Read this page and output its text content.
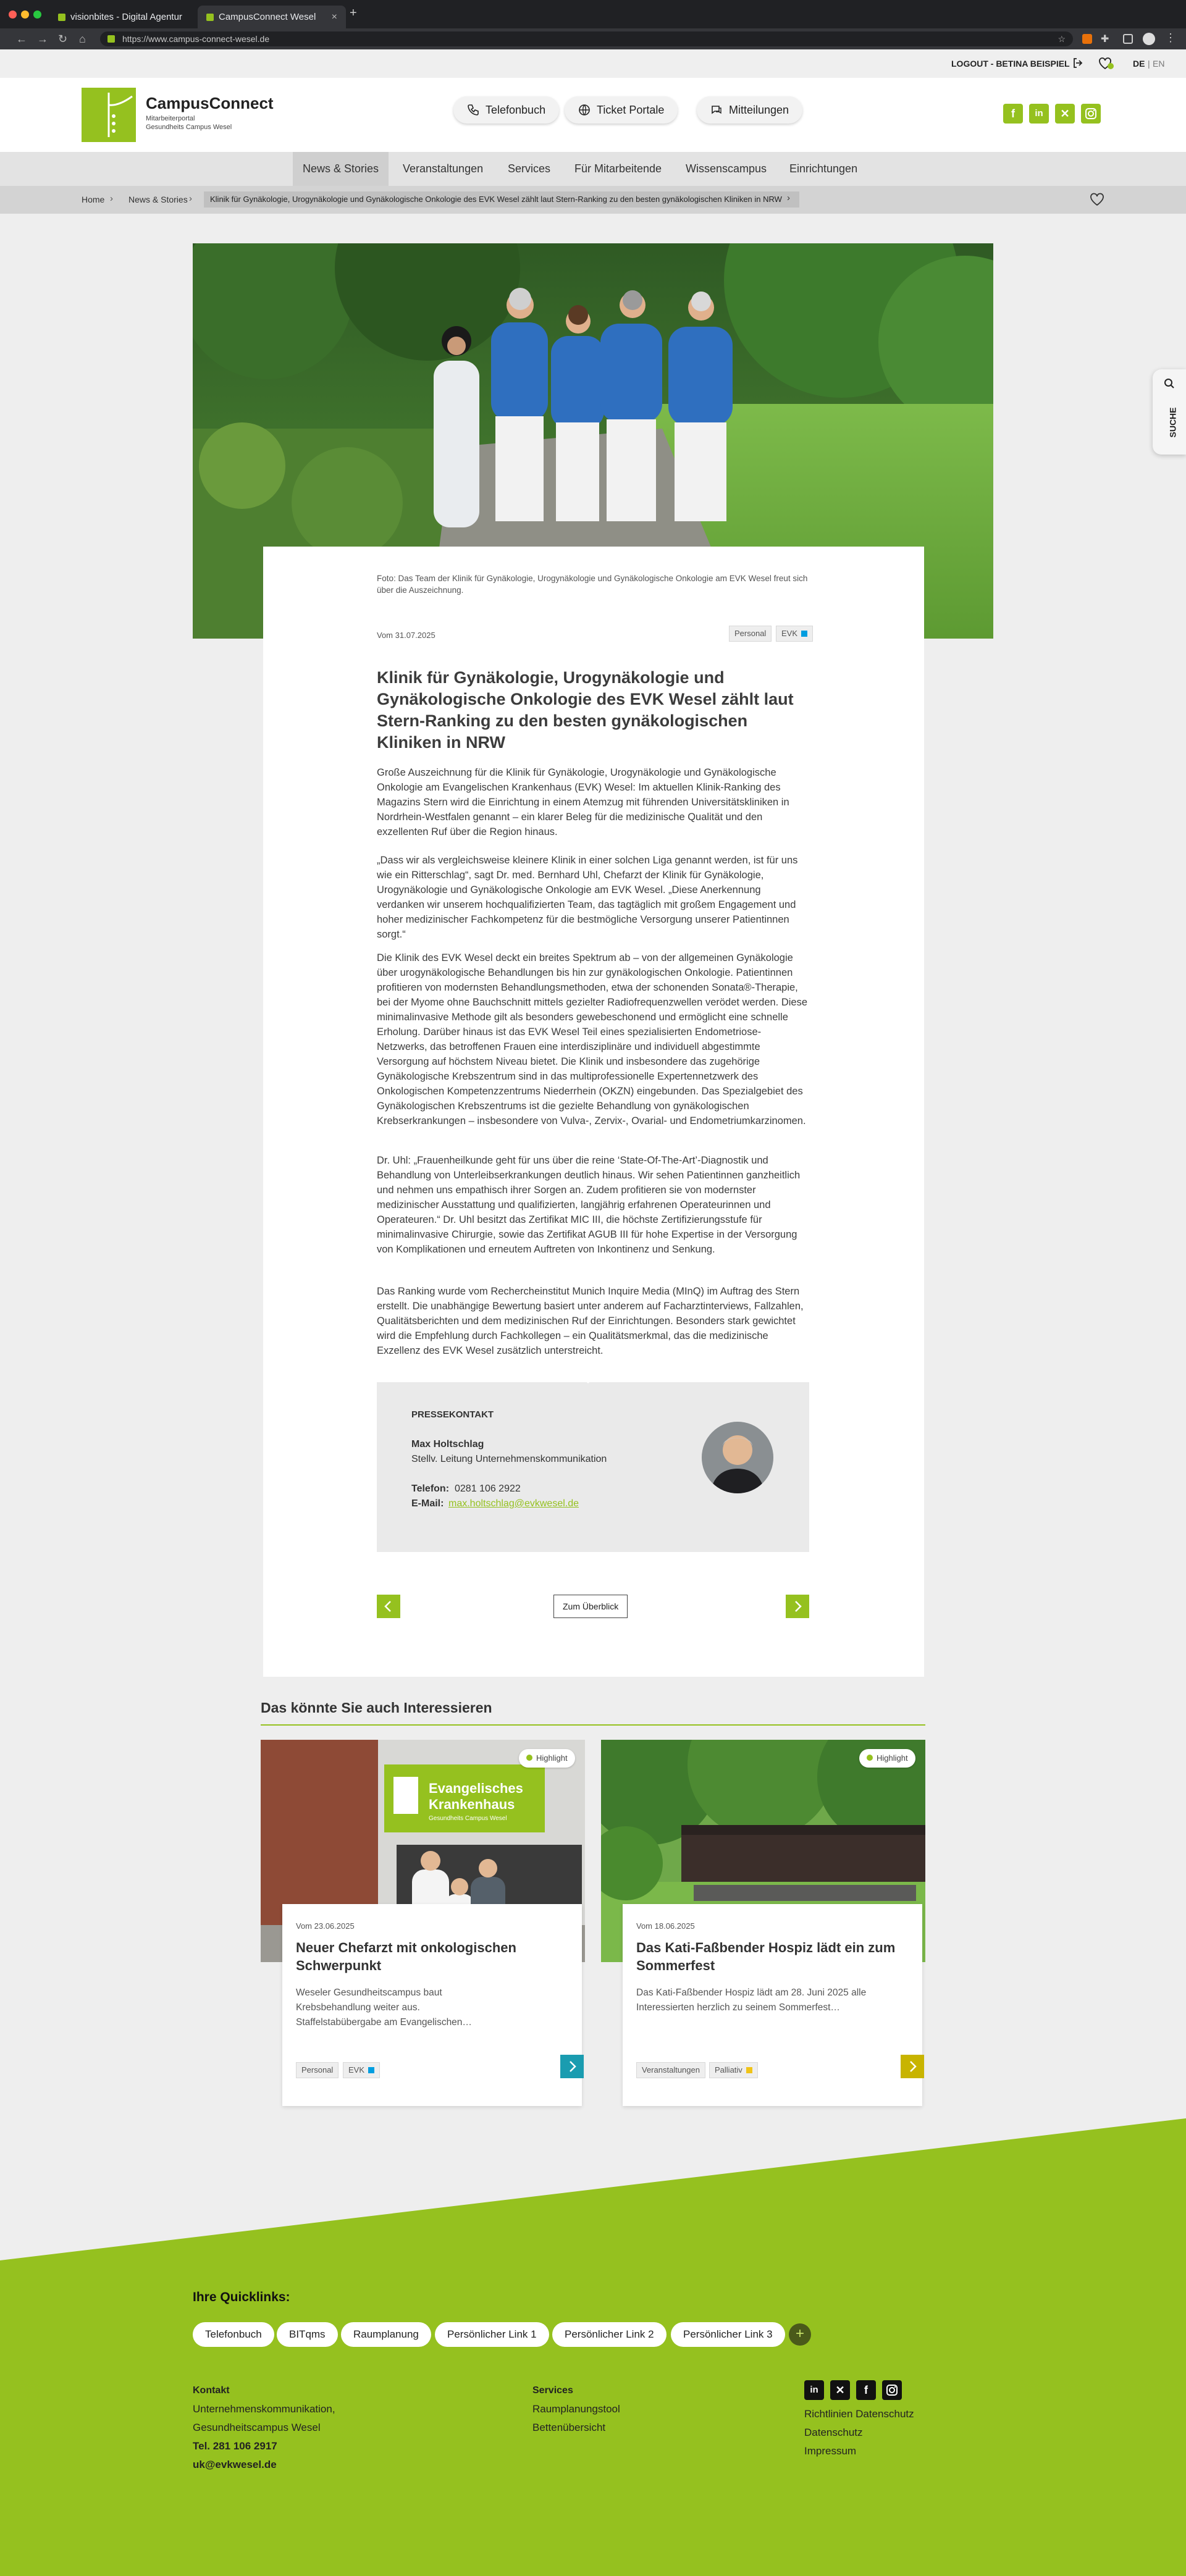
visionbites - Digital Agentur	CampusConnect Wesel × +
← → ↻ ⌂	https://www.campus-connect-wesel.de	☆	✚	⋮
LOGOUT - BETINA BEISPIEL	DE | EN
CampusConnect
Mitarbeiterportal
Gesundheits Campus Wesel
Telefonbuch	Ticket Portale	Mitteilungen	f	in	✕
News & Stories	Veranstaltungen	Services	Für Mitarbeitende	Wissenscampus	Einrichtungen
Home › News & Stories ›	Klinik für Gynäkologie, Urogynäkologie und Gynäkologische Onkologie des EVK Wesel zählt laut Stern-Ranking zu den besten gynäkologischen Kliniken in NRW ›
SUCHE

Foto: Das Team der Klinik für Gynäkologie, Urogynäkologie und Gynäkologische Onkologie am EVK Wesel freut sich über die Auszeichnung.

Vom 31.07.2025	Personal	EVK
Klinik für Gynäkologie, Urogynäkologie und Gynäkologische Onkologie des EVK Wesel zählt laut Stern-Ranking zu den besten gynäkologischen Kliniken in NRW

Große Auszeichnung für die Klinik für Gynäkologie, Urogynäkologie und Gynäkologische Onkologie am Evangelischen Krankenhaus (EVK) Wesel: Im aktuellen Klinik-Ranking des Magazins Stern wird die Einrichtung in einem Atemzug mit führenden Universitätskliniken in Nordrhein-Westfalen genannt – ein klarer Beleg für die medizinische Qualität und den exzellenten Ruf über die Region hinaus.

„Dass wir als vergleichsweise kleinere Klinik in einer solchen Liga genannt werden, ist für uns wie ein Ritterschlag“, sagt Dr. med. Bernhard Uhl, Chefarzt der Klinik für Gynäkologie, Urogynäkologie und Gynäkologische Onkologie am EVK Wesel. „Diese Anerkennung verdanken wir unserem hochqualifizierten Team, das tagtäglich mit großem Engagement und hoher medizinischer Fachkompetenz für die bestmögliche Versorgung unserer Patientinnen sorgt.“

Die Klinik des EVK Wesel deckt ein breites Spektrum ab – von der allgemeinen Gynäkologie über urogynäkologische Behandlungen bis hin zur gynäkologischen Onkologie. Patientinnen profitieren von modernsten Behandlungsmethoden, etwa der schonenden Sonata®-Therapie, bei der Myome ohne Bauchschnitt mittels gezielter Radiofrequenzwellen verödet werden. Diese minimalinvasive Methode gilt als besonders gewebeschonend und ermöglicht eine schnelle Erholung. Darüber hinaus ist das EVK Wesel Teil eines spezialisierten Endometriose-Netzwerks, das betroffenen Frauen eine interdisziplinäre und individuell abgestimmte Versorgung auf höchstem Niveau bietet. Die Klinik und insbesondere das zugehörige Gynäkologische Krebszentrum sind in das multiprofessionelle Expertennetzwerk des Onkologischen Kompetenzzentrums Niederrhein (OKZN) eingebunden. Das Spezialgebiet des Gynäkologischen Krebszentrums ist die gezielte Behandlung von gynäkologischen Krebserkrankungen – insbesondere von Vulva-, Zervix-, Ovarial- und Endometriumkarzinomen.

Dr. Uhl: „Frauenheilkunde geht für uns über die reine ‘State-Of-The-Art’-Diagnostik und Behandlung von Unterleibserkrankungen deutlich hinaus. Wir sehen Patientinnen ganzheitlich und nehmen uns empathisch ihrer Sorgen an. Zudem profitieren sie von modernster medizinischer Ausstattung und qualifizierten, langjährig erfahrenen Operateurinnen und Operateuren.“ Dr. Uhl besitzt das Zertifikat MIC III, die höchste Zertifizierungsstufe für minimalinvasive Chirurgie, sowie das Zertifikat AGUB III für hohe Expertise in der Versorgung von Komplikationen und erneutem Auftreten von Inkontinenz und Senkung.

Das Ranking wurde vom Rechercheinstitut Munich Inquire Media (MInQ) im Auftrag des Stern erstellt. Die unabhängige Bewertung basiert unter anderem auf Facharztinterviews, Fallzahlen, Qualitätsberichten und dem medizinischen Ruf der Einrichtungen. Besonders stark gewichtet wird die Empfehlung durch Fachkollegen – ein Qualitätsmerkmal, das die medizinische Exzellenz des EVK Wesel zusätzlich unterstreicht.

PRESSEKONTAKT
Max Holtschlag
Stellv. Leitung Unternehmenskommunikation
Telefon: 0281 106 2922
E-Mail: max.holtschlag@evkwesel.de
Zum Überblick
Das könnte Sie auch Interessieren
Evangelisches
Krankenhaus
Gesundheits Campus Wesel
Highlight
Vom 23.06.2025
Neuer Chefarzt mit onkologischen Schwerpunkt

Weseler Gesundheitscampus baut Krebsbehandlung weiter aus. Staffelstabübergabe am Evangelischen…

Personal	EVK
Highlight
Vom 18.06.2025
Das Kati-Faßbender Hospiz lädt ein zum Sommerfest

Das Kati-Faßbender Hospiz lädt am 28. Juni 2025 alle Interessierten herzlich zu seinem Sommerfest…

Veranstaltungen	Palliativ
Ihre Quicklinks:
Telefonbuch	BITqms	Raumplanung	Persönlicher Link 1	Persönlicher Link 2	Persönlicher Link 3	+
Kontakt
Unternehmenskommunikation,
Gesundheitscampus Wesel
Tel. 281 106 2917
uk@evkwesel.de
Services
Raumplanungstool
Bettenübersicht
in	✕	f
Richtlinien Datenschutz
Datenschutz
Impressum
